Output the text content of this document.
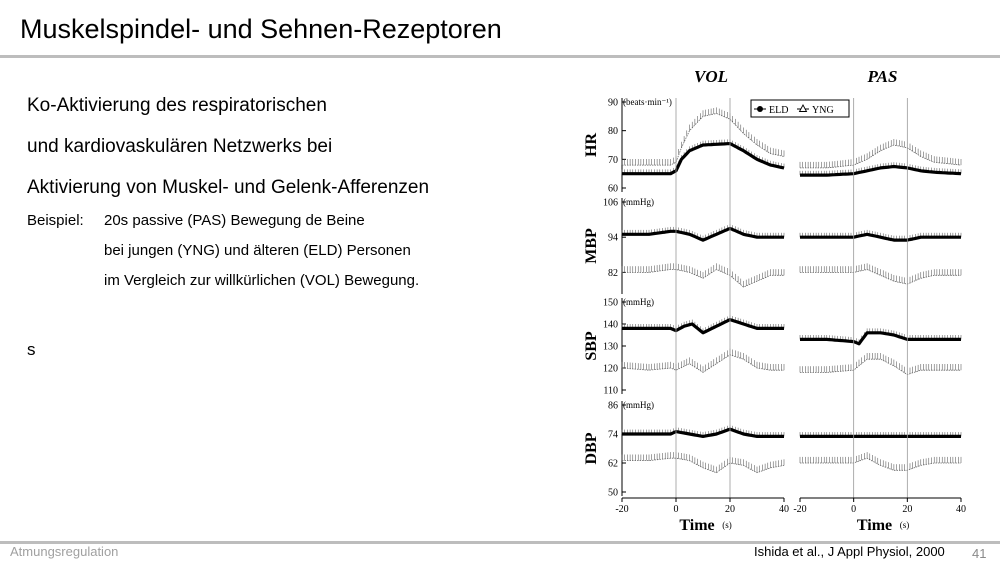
Muskelspindel- und Sehnen-Rezeptoren
Ko-Aktivierung des respiratorischen
und kardiovaskulären Netzwerks bei
Aktivierung von Muskel- und Gelenk-Afferenzen
Beispiel: 20s passive (PAS) Bewegung de Beine
bei jungen (YNG) und älteren (ELD) Personen
im Vergleich zur willkürlichen (VOL) Bewegung.
s
VOL	PAS
ELD YNG
90
80
70
60
(beats·min⁻¹)
HR
106
94
82
(mmHg)
MBP
150
140
130
120
110
(mmHg)
SBP
86
74
62
50
(mmHg)
DBP
-20	0	20	40
Time (s)
-20	0	20	40
Time (s)
Atmungsregulation	Ishida et al., J Appl Physiol, 2000 41
